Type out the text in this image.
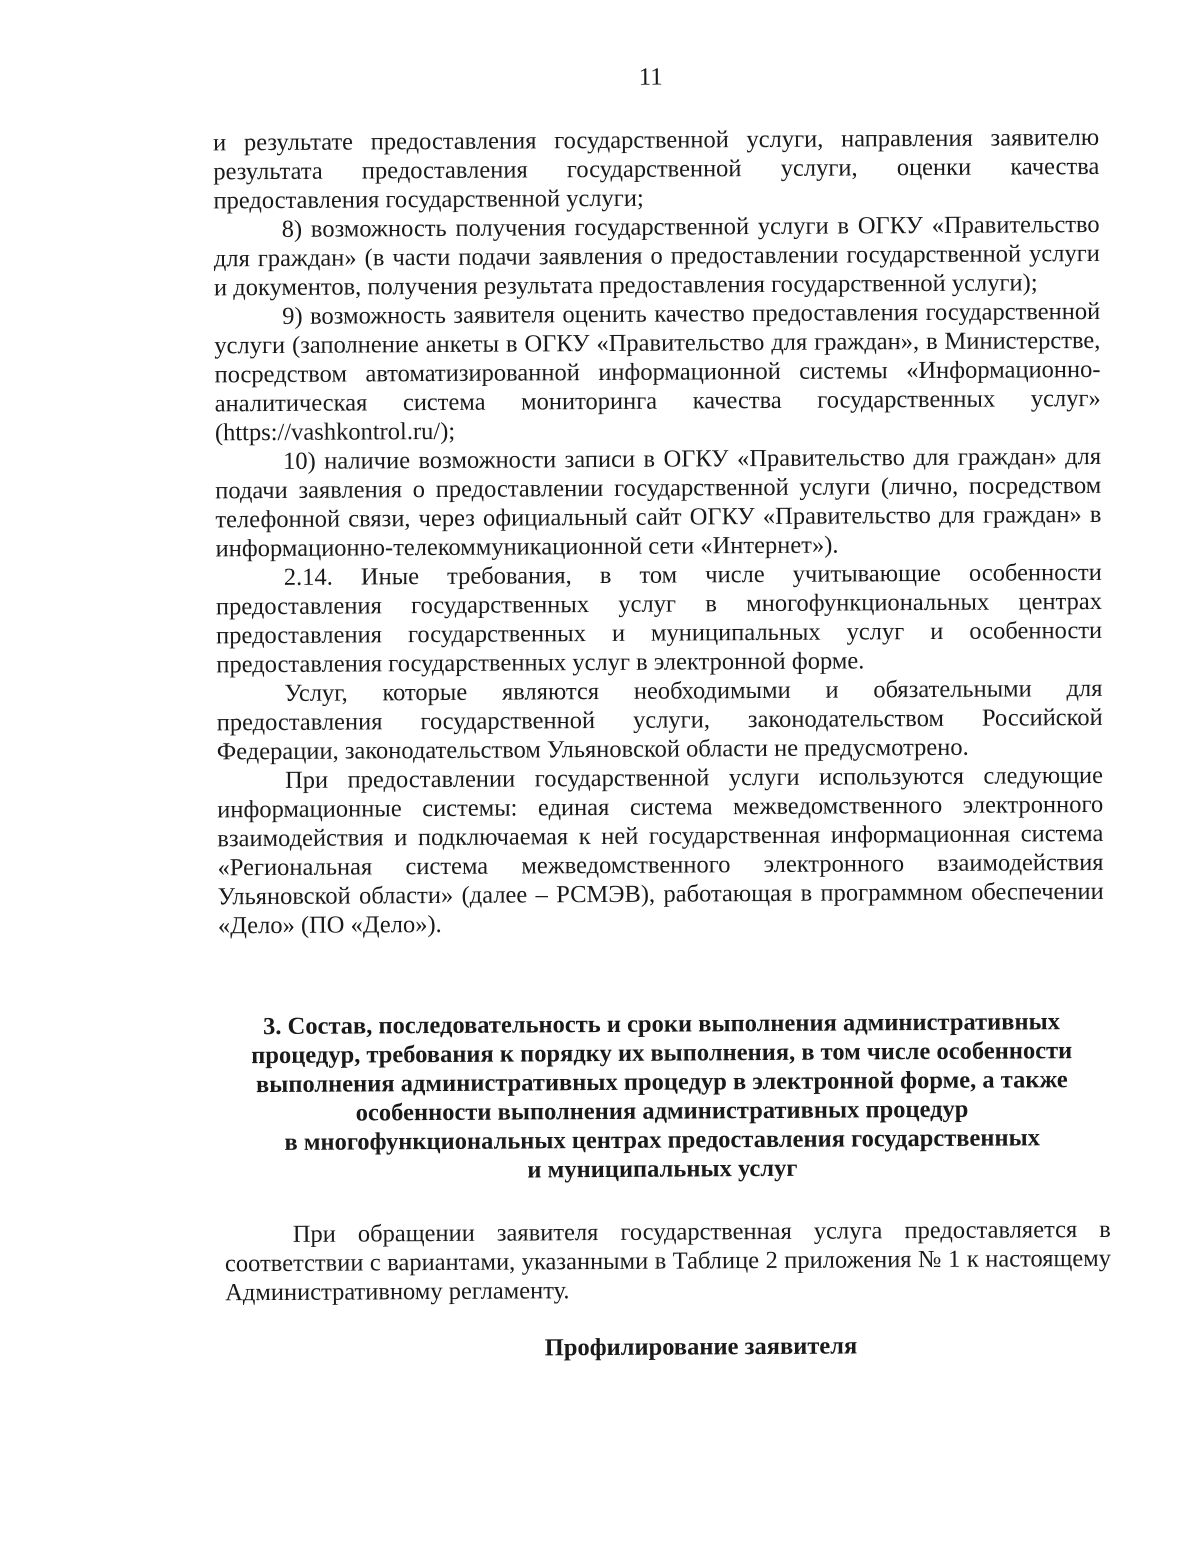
11

и результате предоставления государственной услуги, направления заявителю результата предоставления государственной услуги, оценки качества предоставления государственной услуги;

8) возможность получения государственной услуги в ОГКУ «Правительство для граждан» (в части подачи заявления о предоставлении государственной услуги и документов, получения результата предоставления государственной услуги);

9) возможность заявителя оценить качество предоставления государственной услуги (заполнение анкеты в ОГКУ «Правительство для граждан», в Министерстве, посредством автоматизированной информационной системы «Информационно-аналитическая система мониторинга качества государственных услуг» (https://vashkontrol.ru/);

10) наличие возможности записи в ОГКУ «Правительство для граждан» для подачи заявления о предоставлении государственной услуги (лично, посредством телефонной связи, через официальный сайт ОГКУ «Правительство для граждан» в информационно-телекоммуникационной сети «Интернет»).

2.14. Иные требования, в том числе учитывающие особенности предоставления государственных услуг в многофункциональных центрах предоставления государственных и муниципальных услуг и особенности предоставления государственных услуг в электронной форме.

Услуг, которые являются необходимыми и обязательными для предоставления государственной услуги, законодательством Российской Федерации, законодательством Ульяновской области не предусмотрено.

При предоставлении государственной услуги используются следующие информационные системы: единая система межведомственного электронного взаимодействия и подключаемая к ней государственная информационная система «Региональная система межведомственного электронного взаимодействия Ульяновской области» (далее – РСМЭВ), работающая в программном обеспечении «Дело» (ПО «Дело»).

3. Состав, последовательность и сроки выполнения административных
процедур, требования к порядку их выполнения, в том числе особенности
выполнения административных процедур в электронной форме, а также
особенности выполнения административных процедур
в многофункциональных центрах предоставления государственных
и муниципальных услуг

При обращении заявителя государственная услуга предоставляется в соответствии с вариантами, указанными в Таблице 2 приложения № 1 к настоящему Административному регламенту.

Профилирование заявителя
